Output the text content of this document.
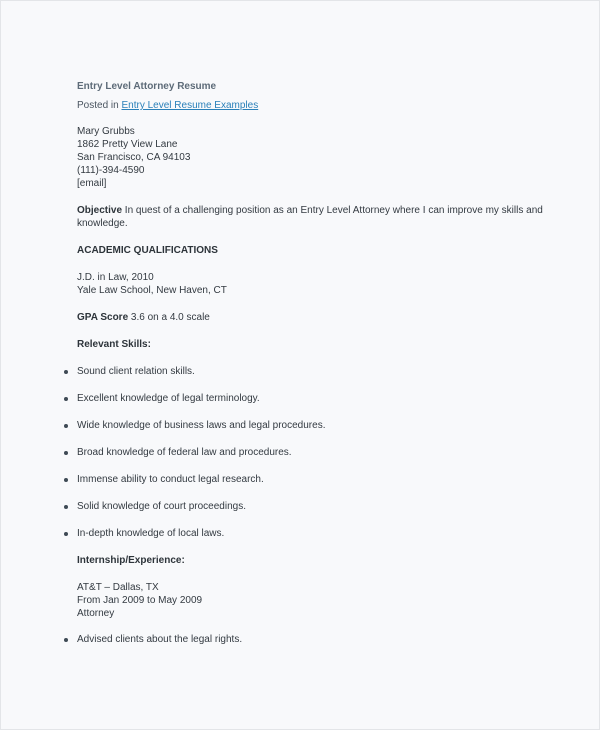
Entry Level Attorney Resume
Posted in Entry Level Resume Examples
Mary Grubbs
1862 Pretty View Lane
San Francisco, CA 94103
(111)-394-4590
[email]
Objective In quest of a challenging position as an Entry Level Attorney where I can improve my skills and knowledge.
ACADEMIC QUALIFICATIONS
J.D. in Law, 2010
Yale Law School, New Haven, CT
GPA Score 3.6 on a 4.0 scale
Relevant Skills:
Sound client relation skills.
Excellent knowledge of legal terminology.
Wide knowledge of business laws and legal procedures.
Broad knowledge of federal law and procedures.
Immense ability to conduct legal research.
Solid knowledge of court proceedings.
In-depth knowledge of local laws.
Internship/Experience:
AT&T – Dallas, TX
From Jan 2009 to May 2009
Attorney
Advised clients about the legal rights.
